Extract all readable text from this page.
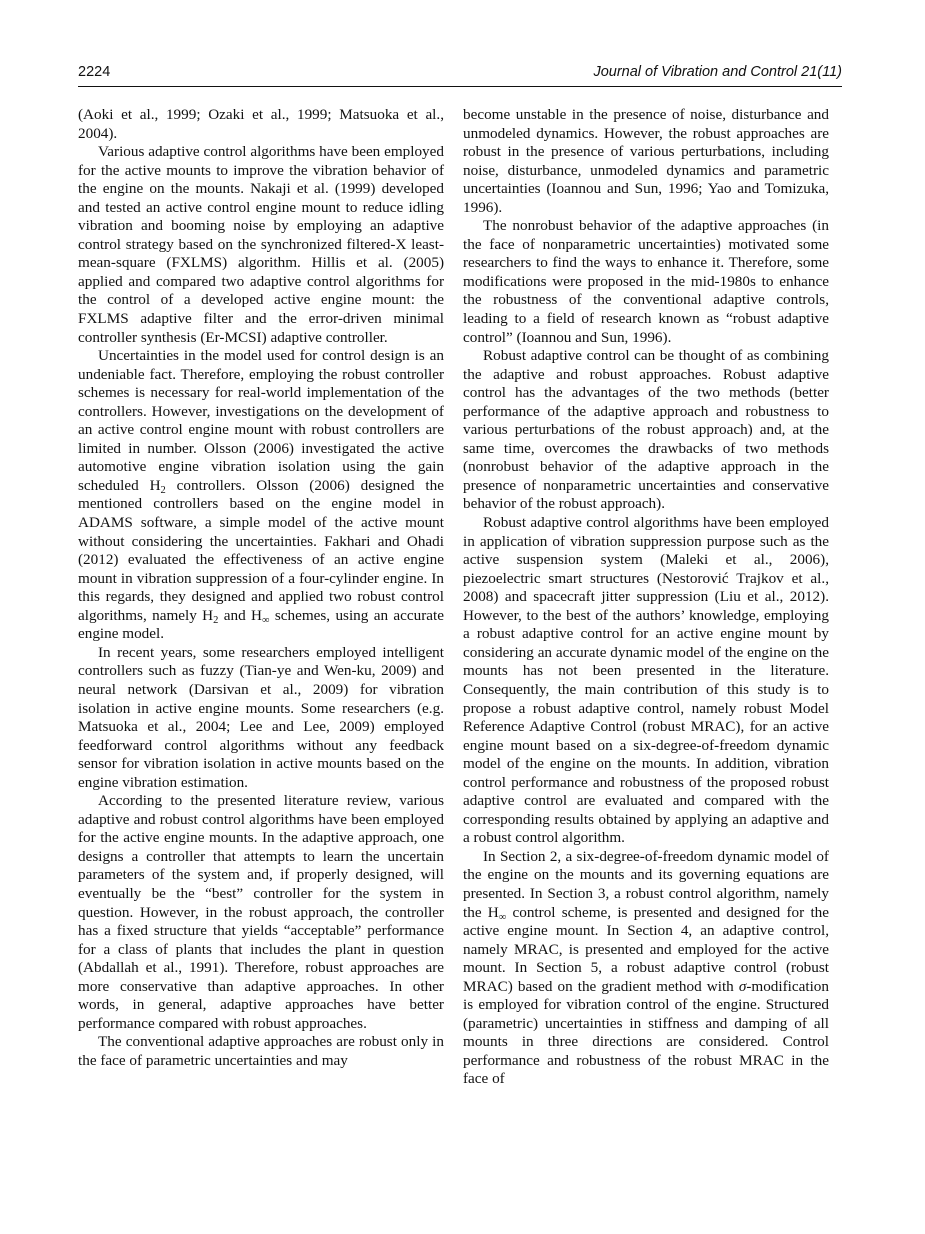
2224	Journal of Vibration and Control 21(11)

(Aoki et al., 1999; Ozaki et al., 1999; Matsuoka et al., 2004).

Various adaptive control algorithms have been employed for the active mounts to improve the vibration behavior of the engine on the mounts. Nakaji et al. (1999) developed and tested an active control engine mount to reduce idling vibration and booming noise by employing an adaptive control strategy based on the synchronized filtered-X least-mean-square (FXLMS) algorithm. Hillis et al. (2005) applied and compared two adaptive control algorithms for the control of a developed active engine mount: the FXLMS adaptive filter and the error-driven minimal controller synthesis (Er-MCSI) adaptive controller.

Uncertainties in the model used for control design is an undeniable fact. Therefore, employing the robust controller schemes is necessary for real-world implementation of the controllers. However, investigations on the development of an active control engine mount with robust controllers are limited in number. Olsson (2006) investigated the active automotive engine vibration isolation using the gain scheduled $H_2$ controllers. Olsson (2006) designed the mentioned controllers based on the engine model in ADAMS software, a simple model of the active mount without considering the uncertainties. Fakhari and Ohadi (2012) evaluated the effectiveness of an active engine mount in vibration suppression of a four-cylinder engine. In this regards, they designed and applied two robust control algorithms, namely $H_2$ and $H_\infty$ schemes, using an accurate engine model.

In recent years, some researchers employed intelligent controllers such as fuzzy (Tian-ye and Wen-ku, 2009) and neural network (Darsivan et al., 2009) for vibration isolation in active engine mounts. Some researchers (e.g. Matsuoka et al., 2004; Lee and Lee, 2009) employed feedforward control algorithms without any feedback sensor for vibration isolation in active mounts based on the engine vibration estimation.

According to the presented literature review, various adaptive and robust control algorithms have been employed for the active engine mounts. In the adaptive approach, one designs a controller that attempts to learn the uncertain parameters of the system and, if properly designed, will eventually be the “best” controller for the system in question. However, in the robust approach, the controller has a fixed structure that yields “acceptable” performance for a class of plants that includes the plant in question (Abdallah et al., 1991). Therefore, robust approaches are more conservative than adaptive approaches. In other words, in general, adaptive approaches have better performance compared with robust approaches.

The conventional adaptive approaches are robust only in the face of parametric uncertainties and may

become unstable in the presence of noise, disturbance and unmodeled dynamics. However, the robust approaches are robust in the presence of various perturbations, including noise, disturbance, unmodeled dynamics and parametric uncertainties (Ioannou and Sun, 1996; Yao and Tomizuka, 1996).

The nonrobust behavior of the adaptive approaches (in the face of nonparametric uncertainties) motivated some researchers to find the ways to enhance it. Therefore, some modifications were proposed in the mid-1980s to enhance the robustness of the conventional adaptive controls, leading to a field of research known as “robust adaptive control” (Ioannou and Sun, 1996).

Robust adaptive control can be thought of as combining the adaptive and robust approaches. Robust adaptive control has the advantages of the two methods (better performance of the adaptive approach and robustness to various perturbations of the robust approach) and, at the same time, overcomes the drawbacks of two methods (nonrobust behavior of the adaptive approach in the presence of nonparametric uncertainties and conservative behavior of the robust approach).

Robust adaptive control algorithms have been employed in application of vibration suppression purpose such as the active suspension system (Maleki et al., 2006), piezoelectric smart structures (Nestorović Trajkov et al., 2008) and spacecraft jitter suppression (Liu et al., 2012). However, to the best of the authors’ knowledge, employing a robust adaptive control for an active engine mount by considering an accurate dynamic model of the engine on the mounts has not been presented in the literature. Consequently, the main contribution of this study is to propose a robust adaptive control, namely robust Model Reference Adaptive Control (robust MRAC), for an active engine mount based on a six-degree-of-freedom dynamic model of the engine on the mounts. In addition, vibration control performance and robustness of the proposed robust adaptive control are evaluated and compared with the corresponding results obtained by applying an adaptive and a robust control algorithm.

In Section 2, a six-degree-of-freedom dynamic model of the engine on the mounts and its governing equations are presented. In Section 3, a robust control algorithm, namely the $H_\infty$ control scheme, is presented and designed for the active engine mount. In Section 4, an adaptive control, namely MRAC, is presented and employed for the active mount. In Section 5, a robust adaptive control (robust MRAC) based on the gradient method with σ-modification is employed for vibration control of the engine. Structured (parametric) uncertainties in stiffness and damping of all mounts in three directions are considered. Control performance and robustness of the robust MRAC in the face of
